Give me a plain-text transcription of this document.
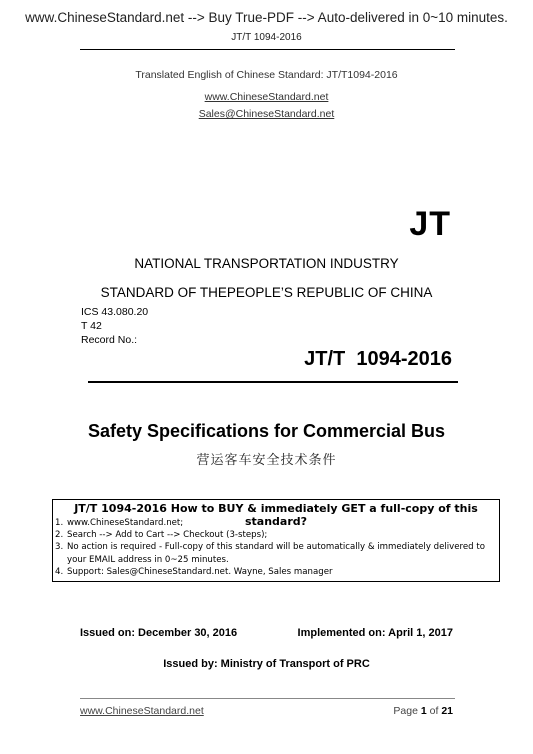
www.ChineseStandard.net --> Buy True-PDF --> Auto-delivered in 0~10 minutes.
JT/T 1094-2016
Translated English of Chinese Standard: JT/T1094-2016
www.ChineseStandard.net
Sales@ChineseStandard.net
JT
NATIONAL TRANSPORTATION INDUSTRY
STANDARD OF THEPEOPLE’S REPUBLIC OF CHINA
ICS 43.080.20
T 42
Record No.:
JT/T  1094-2016
Safety Specifications for Commercial Bus
营运客车安全技术条件
JT/T 1094-2016 How to BUY & immediately GET a full-copy of this standard?
1. www.ChineseStandard.net;
2. Search --> Add to Cart --> Checkout (3-steps);
3. No action is required - Full-copy of this standard will be automatically & immediately delivered to
your EMAIL address in 0~25 minutes.
4. Support: Sales@ChineseStandard.net. Wayne, Sales manager
Issued on: December 30, 2016	Implemented on: April 1, 2017
Issued by: Ministry of Transport of PRC
www.ChineseStandard.net	Page 1 of 21
